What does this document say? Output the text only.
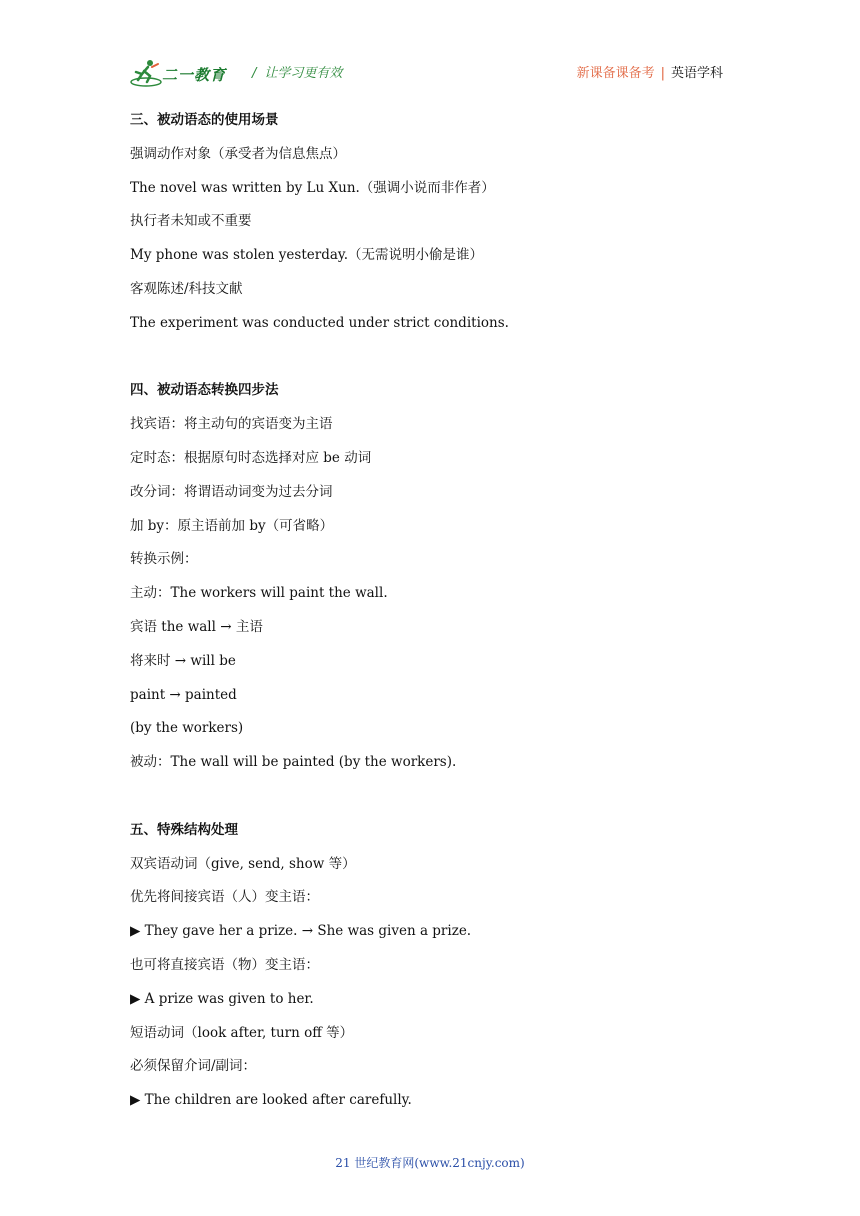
二一教育 / 让学习更有效	新课备课备考 | 英语学科
三、被动语态的使用场景
强调动作对象（承受者为信息焦点）
The novel was written by Lu Xun.（强调小说而非作者）
执行者未知或不重要
My phone was stolen yesterday.（无需说明小偷是谁）
客观陈述/科技文献
The experiment was conducted under strict conditions.
四、被动语态转换四步法
找宾语：将主动句的宾语变为主语
定时态：根据原句时态选择对应 be 动词
改分词：将谓语动词变为过去分词
加 by：原主语前加 by（可省略）
转换示例：
主动：The workers will paint the wall.
宾语 the wall → 主语
将来时 → will be
paint → painted
(by the workers)
被动：The wall will be painted (by the workers).
五、特殊结构处理
双宾语动词（give, send, show 等）
优先将间接宾语（人）变主语：
▶ They gave her a prize. → She was given a prize.
也可将直接宾语（物）变主语：
▶ A prize was given to her.
短语动词（look after, turn off 等）
必须保留介词/副词：
▶ The children are looked after carefully.
21 世纪教育网(www.21cnjy.com)
